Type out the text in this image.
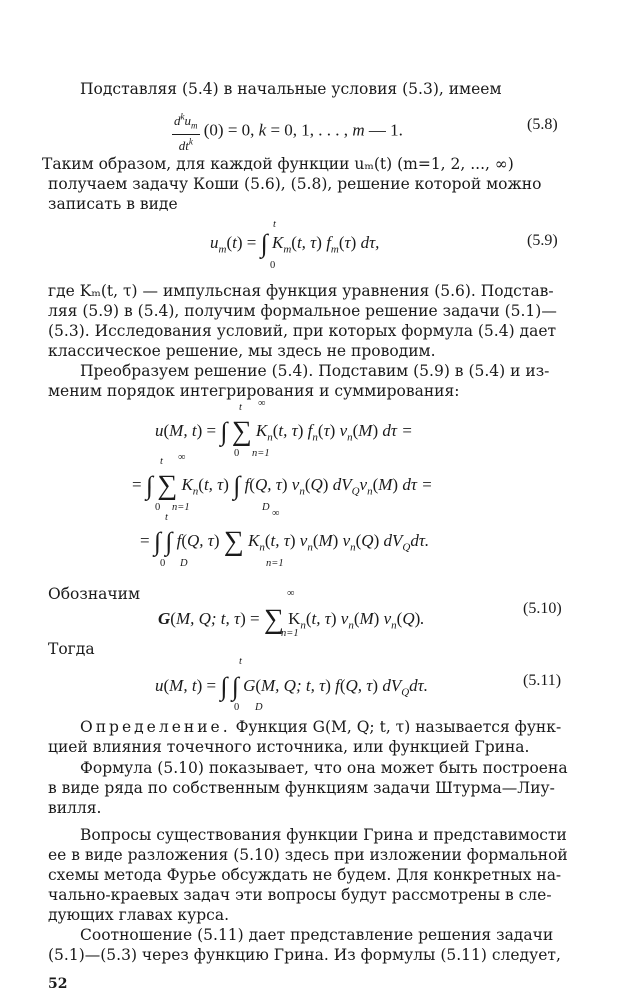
Подставляя (5.4) в начальные условия (5.3), имеем
$d^ku_m$
$dt^k$
(0) = 0, k = 0, 1, . . . , m — 1.	(5.8)
Таким образом, для каждой функции uₘ(t) (m=1, 2, ..., ∞)
получаем задачу Коши (5.6), (5.8), решение которой можно
записать в виде
$u_m(t)$ = ∫ $K_m(t$, τ) $f_m(\tau)$ dτ,
t
0
(5.9)
где Kₘ(t, τ) — импульсная функция уравнения (5.6). Подстав-
ляя (5.9) в (5.4), получим формальное решение задачи (5.1)—
(5.3). Исследования условий, при которых формула (5.4) дает
классическое решение, мы здесь не проводим.
Преобразуем решение (5.4). Подставим (5.9) в (5.4) и из-
меним порядок интегрирования и суммирования:
u(M, t) = ∫ ∑ $K_n(t$, τ) $f_n(\tau)$ $v_n(M) d\tau$ =
t
0
∞
n=1
= ∫ ∑ $K_n(t$, τ) ∫ f(Q, τ) $v_n(Q)$ $dV_Qv_n(M) d\tau$ =
t
0
∞
n=1	D
= ∫ ∫ f(Q, τ) ∑ $K_n(t$, τ) $v_n(M)$ $v_n(Q)$ $dV_Qd\tau$.
t
0 D
∞
n=1
Обозначим
G(M, Q; t, τ) = ∑ $K_n(t$, τ) $v_n(M)$ $v_n(Q)$.
∞
n=1
(5.10)
Тогда
u(M, t) = ∫ ∫ G(M, Q; t, τ) f(Q, τ) $dV_Qd\tau$.
t
0 D
(5.11)
Определение. Функция G(M, Q; t, τ) называется функ-
цией влияния точечного источника, или функцией Грина.
Формула (5.10) показывает, что она может быть построена
в виде ряда по собственным функциям задачи Штурма—Лиу-
вилля.
Вопросы существования функции Грина и представимости
ее в виде разложения (5.10) здесь при изложении формальной
схемы метода Фурье обсуждать не будем. Для конкретных на-
чально-краевых задач эти вопросы будут рассмотрены в сле-
дующих главах курса.
Соотношение (5.11) дает представление решения задачи
(5.1)—(5.3) через функцию Грина. Из формулы (5.11) следует,
52
